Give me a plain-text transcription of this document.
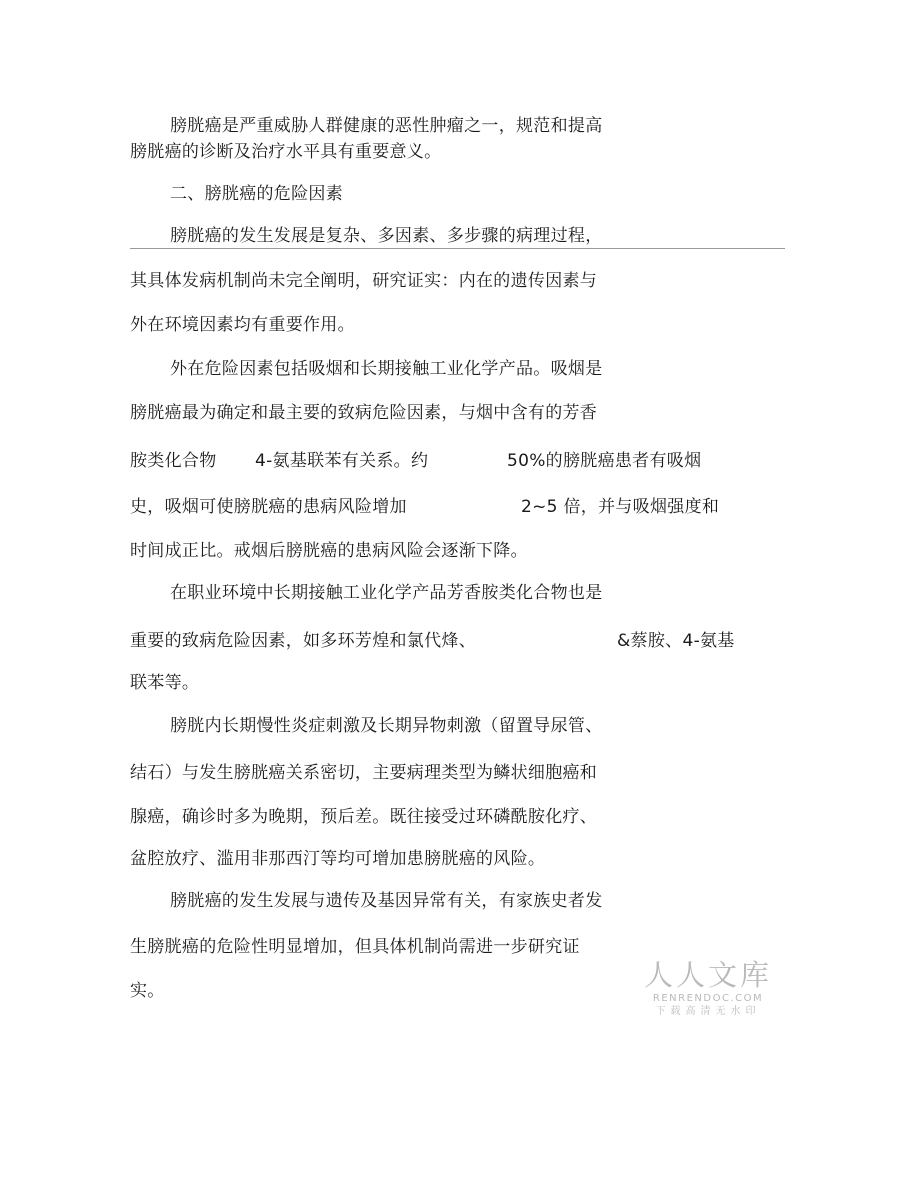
膀胱癌是严重威胁人群健康的恶性肿瘤之一，规范和提高
膀胱癌的诊断及治疗水平具有重要意义。
二、膀胱癌的危险因素
膀胱癌的发生发展是复杂、多因素、多步骤的病理过程，
其具体发病机制尚未完全阐明，研究证实：内在的遗传因素与
外在环境因素均有重要作用。
外在危险因素包括吸烟和长期接触工业化学产品。吸烟是
膀胱癌最为确定和最主要的致病危险因素，与烟中含有的芳香
胺类化合物 4-氨基联苯有关系。约	50%的膀胱癌患者有吸烟
史，吸烟可使膀胱癌的患病风险增加	2~5 倍，并与吸烟强度和
时间成正比。戒烟后膀胱癌的患病风险会逐渐下降。
在职业环境中长期接触工业化学产品芳香胺类化合物也是
重要的致病危险因素，如多环芳煌和氯代烽、	&蔡胺、4-氨基
联苯等。
膀胱内长期慢性炎症刺激及长期异物刺激（留置导尿管、
结石）与发生膀胱癌关系密切，主要病理类型为鳞状细胞癌和
腺癌，确诊时多为晚期，预后差。既往接受过环磷酰胺化疗、
盆腔放疗、滥用非那西汀等均可增加患膀胱癌的风险。
膀胱癌的发生发展与遗传及基因异常有关，有家族史者发
生膀胱癌的危险性明显增加，但具体机制尚需进一步研究证
实。	人人文库
RENRENDOC.COM
下载高清无水印
